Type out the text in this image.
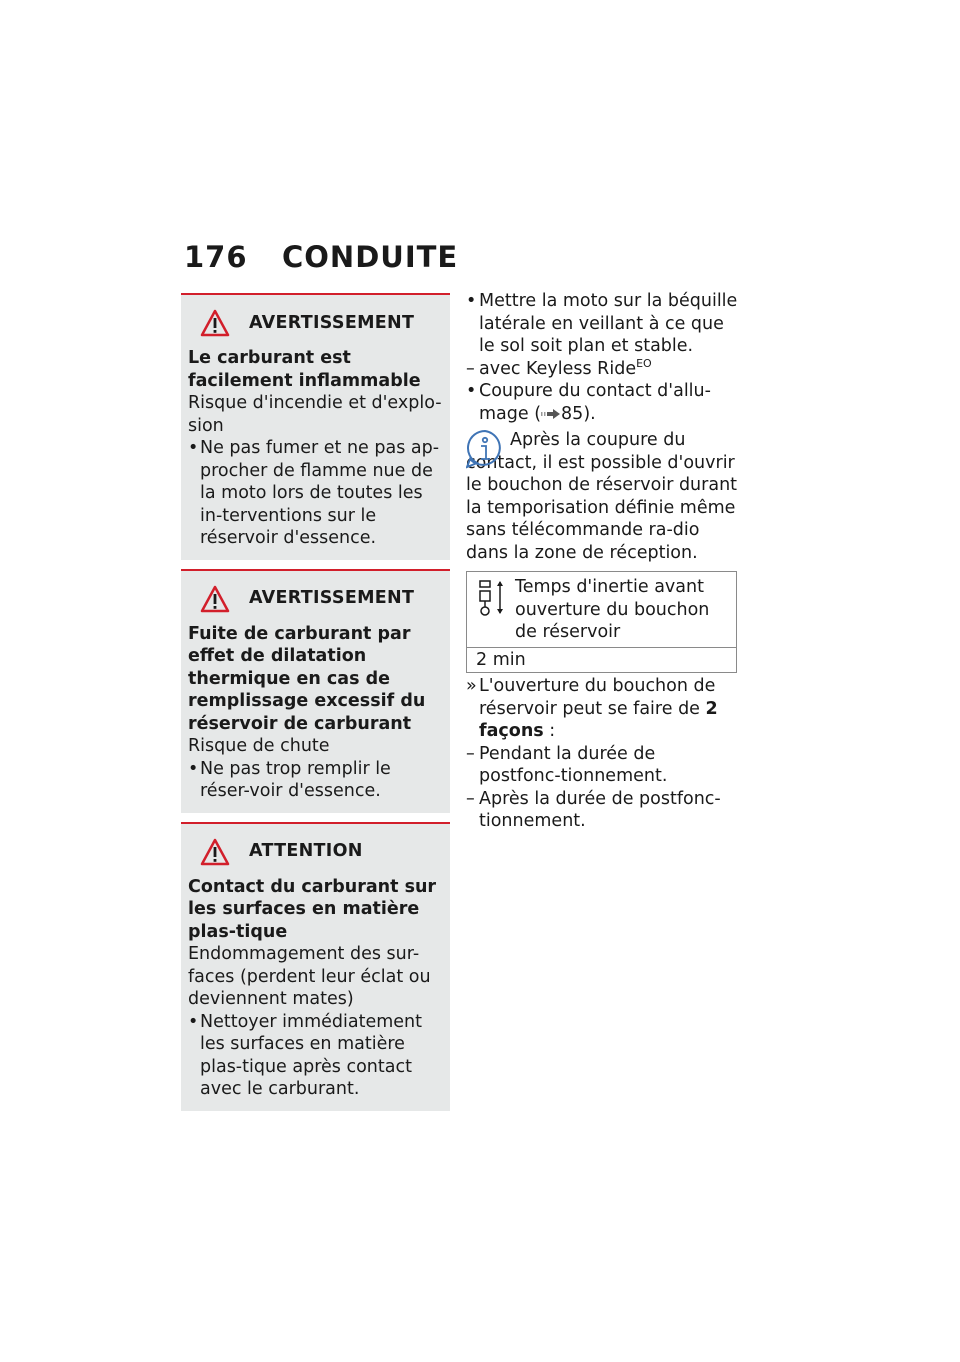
176 CONDUITE
AVERTISSEMENT
Le carburant est facilement inflammable
Risque d'incendie et d'explo-sion
• Ne pas fumer et ne pas ap-procher de flamme nue de la moto lors de toutes les in-terventions sur le réservoir d'essence.
AVERTISSEMENT
Fuite de carburant par effet de dilatation thermique en cas de remplissage excessif du réservoir de carburant
Risque de chute
• Ne pas trop remplir le réser-voir d'essence.
ATTENTION
Contact du carburant sur les surfaces en matière plas-tique
Endommagement des sur-faces (perdent leur éclat ou deviennent mates)
• Nettoyer immédiatement les surfaces en matière plas-tique après contact avec le carburant.
• Mettre la moto sur la béquille latérale en veillant à ce que le sol soit plan et stable.
– avec Keyless Ride$^{EO}$
• Coupure du contact d'allu-mage ( 85).
Après la coupure du contact, il est possible d'ouvrir le bouchon de réservoir durant la temporisation définie même sans télécommande ra-dio dans la zone de réception.
Temps d'inertie avant ouverture du bouchon de réservoir
2 min
» L'ouverture du bouchon de réservoir peut se faire de 2 façons :
– Pendant la durée de postfonc-tionnement.
– Après la durée de postfonc-tionnement.
